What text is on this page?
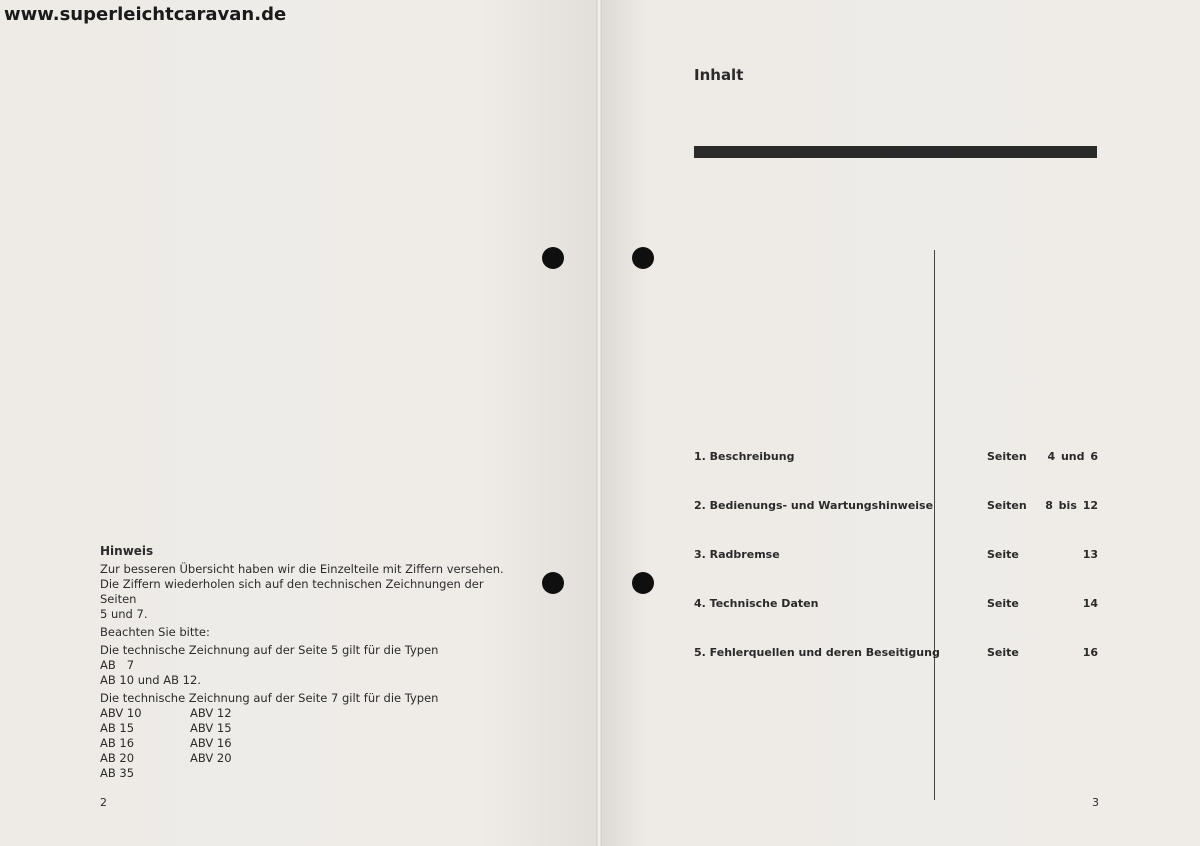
www.superleichtcaravan.de
Hinweis

Zur besseren Übersicht haben wir die Einzelteile mit Ziffern versehen.
Die Ziffern wiederholen sich auf den technischen Zeichnungen der Seiten
5 und 7.

Beachten Sie bitte:

Die technische Zeichnung auf der Seite 5 gilt für die Typen
AB   7
AB 10 und AB 12.
Die technische Zeichnung auf der Seite 7 gilt für die Typen
ABV 10	ABV 12
AB 15	ABV 15
AB 16	ABV 16
AB 20	ABV 20
AB 35
2
Inhalt
1. Beschreibung	Seiten 4 und 6
2. Bedienungs- und Wartungshinweise	Seiten 8 bis 12
3. Radbremse	Seite	13
4. Technische Daten	Seite	14
5. Fehlerquellen und deren Beseitigung	Seite	16
3
